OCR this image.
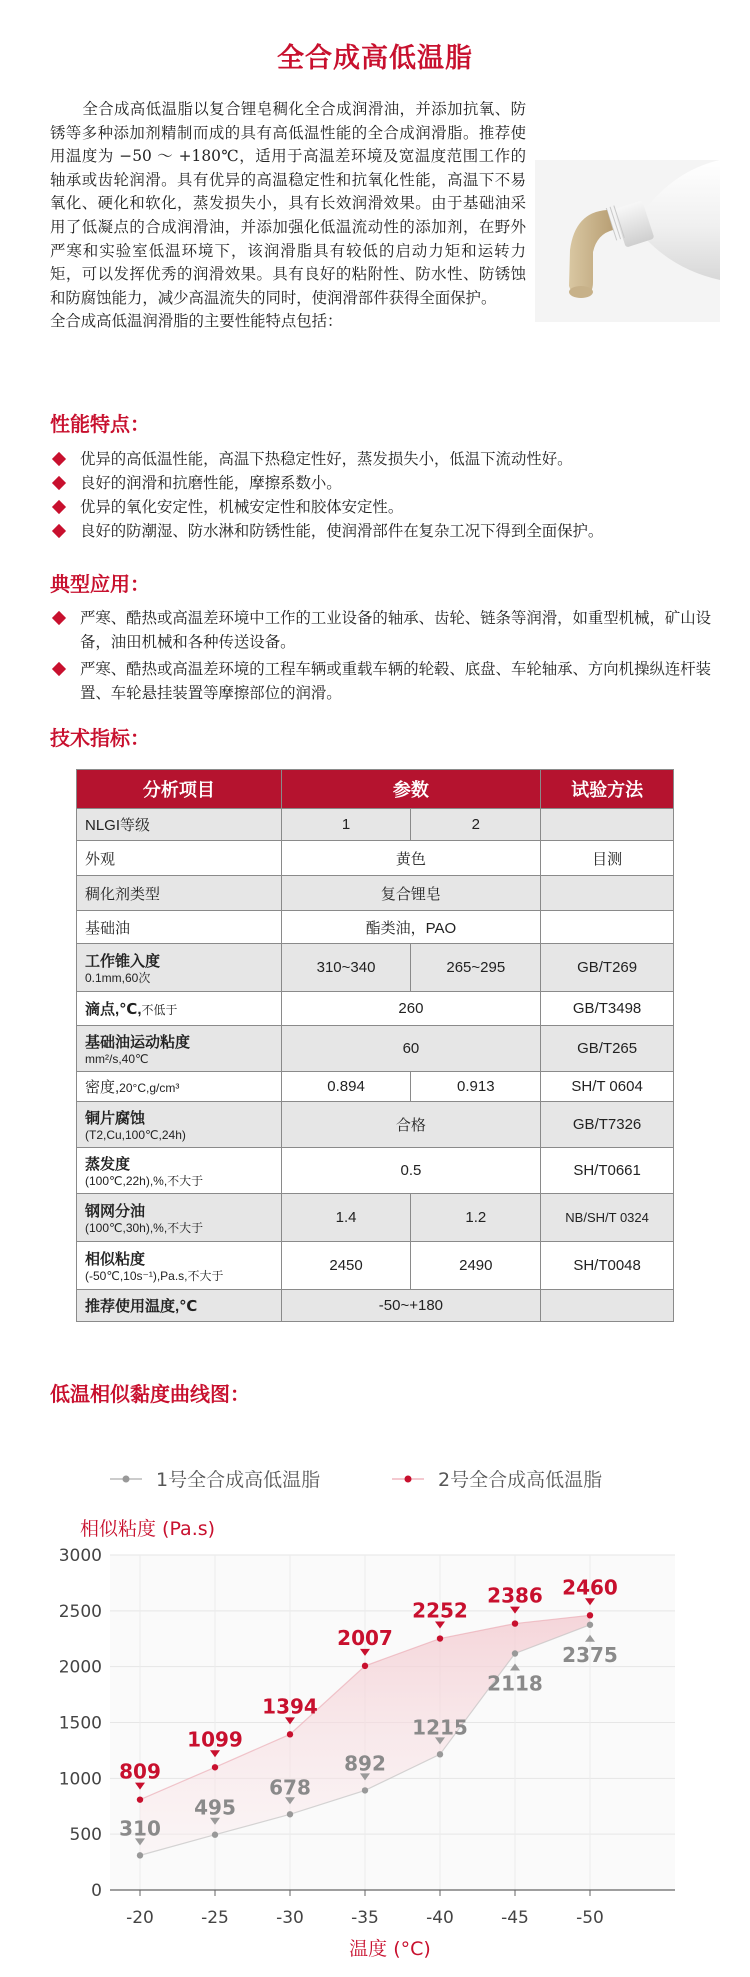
全合成高低温脂

全合成高低温脂以复合锂皂稠化全合成润滑油，并添加抗氧、防锈等多种添加剂精制而成的具有高低温性能的全合成润滑脂。推荐使用温度为 −50 ～ +180℃，适用于高温差环境及宽温度范围工作的轴承或齿轮润滑。具有优异的高温稳定性和抗氧化性能，高温下不易氧化、硬化和软化，蒸发损失小，具有长效润滑效果。由于基础油采用了低凝点的合成润滑油，并添加强化低温流动性的添加剂，在野外严寒和实验室低温环境下，该润滑脂具有较低的启动力矩和运转力矩，可以发挥优秀的润滑效果。具有良好的粘附性、防水性、防锈蚀和防腐蚀能力，减少高温流失的同时，使润滑部件获得全面保护。

全合成高低温润滑脂的主要性能特点包括：

性能特点：
优异的高低温性能，高温下热稳定性好，蒸发损失小，低温下流动性好。
良好的润滑和抗磨性能，摩擦系数小。
优异的氧化安定性，机械安定性和胶体安定性。
良好的防潮湿、防水淋和防锈性能，使润滑部件在复杂工况下得到全面保护。
典型应用：
严寒、酷热或高温差环境中工作的工业设备的轴承、齿轮、链条等润滑，如重型机械，矿山设备，油田机械和各种传送设备。
严寒、酷热或高温差环境的工程车辆或重载车辆的轮毂、底盘、车轮轴承、方向机操纵连杆装置、车轮悬挂装置等摩擦部位的润滑。
技术指标：
分析项目	参数		试验方法
NLGI等级	1	2	
外观	黄色		目测
稠化剂类型	复合锂皂		
基础油	酯类油，PAO		
工作锥入度
0.1mm,60次	310~340	265~295	GB/T269
滴点,℃,不低于	260		GB/T3498
基础油运动粘度
mm²/s,40℃	60		GB/T265
密度,20°C,g/cm³	0.894	0.913	SH/T 0604
铜片腐蚀
(T2,Cu,100℃,24h)	合格		GB/T7326
蒸发度
(100℃,22h),%,不大于	0.5		SH/T0661
钢网分油
(100℃,30h),%,不大于	1.4	1.2	NB/SH/T 0324
相似粘度
(-50℃,10s⁻¹),Pa.s,不大于	2450	2490	SH/T0048
推荐使用温度,℃	-50~+180		
低温相似黏度曲线图：
1号全合成高低温脂	2号全合成高低温脂
相似粘度 (Pa.s)
0
500
1000
1500
2000
2500
3000
-20	-25	-30	-35	-40	-45	-50
310
495
678
892
1215
2118
2375
809
1099
1394
2007
2252
2386 2460
温度 (°C)
